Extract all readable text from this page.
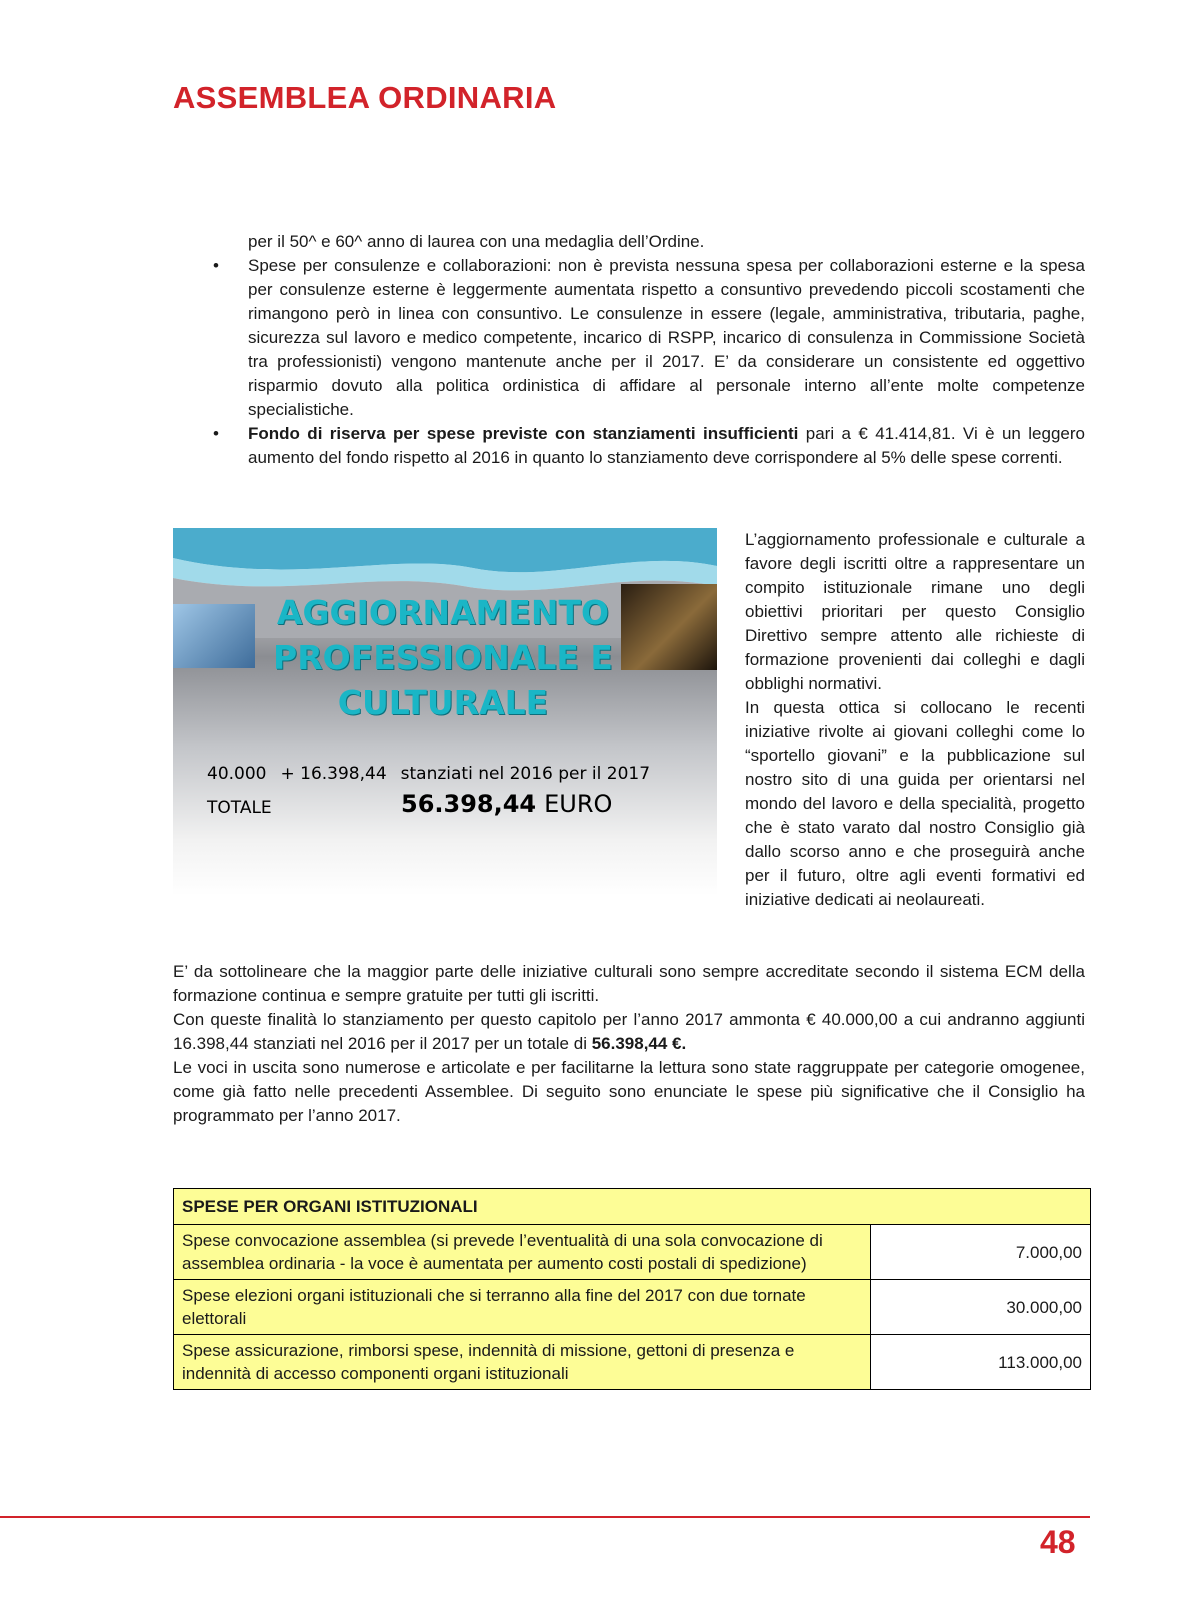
ASSEMBLEA ORDINARIA

per il 50^ e 60^ anno di laurea con una medaglia dell’Ordine.

• Spese per consulenze e collaborazioni: non è prevista nessuna spesa per collaborazioni esterne e la spesa per consulenze esterne è leggermente aumentata rispetto a consuntivo prevedendo piccoli scostamenti che rimangono però in linea con consuntivo. Le consulenze in essere (legale, amministrativa, tributaria, paghe, sicurezza sul lavoro e medico competente, incarico di RSPP, incarico di consulenza in Commissione Società tra professionisti) vengono mantenute anche per il 2017. E’ da considerare un consistente ed oggettivo risparmio dovuto alla politica ordinistica di affidare al personale interno all’ente molte competenze specialistiche.

• Fondo di riserva per spese previste con stanziamenti insufficienti pari a € 41.414,81. Vi è un leggero aumento del fondo rispetto al 2016 in quanto lo stanziamento deve corrispondere al 5% delle spese correnti.

AGGIORNAMENTO
PROFESSIONALE E
CULTURALE
40.000 + 16.398,44 stanziati nel 2016 per il 2017
TOTALE	56.398,44 EURO

L’aggiornamento professionale e culturale a favore degli iscritti oltre a rappresentare un compito istituzionale rimane uno degli obiettivi prioritari per questo Consiglio Direttivo sempre attento alle richieste di formazione provenienti dai colleghi e dagli obblighi normativi.

In questa ottica si collocano le recenti iniziative rivolte ai giovani colleghi come lo “sportello giovani” e la pubblicazione sul nostro sito di una guida per orientarsi nel mondo del lavoro e della specialità, progetto che è stato varato dal nostro Consiglio già dallo scorso anno e che proseguirà anche per il futuro, oltre agli eventi formativi ed iniziative dedicati ai neolaureati.

E’ da sottolineare che la maggior parte delle iniziative culturali sono sempre accreditate secondo il sistema ECM della formazione continua e sempre gratuite per tutti gli iscritti.

Con queste finalità lo stanziamento per questo capitolo per l’anno 2017 ammonta € 40.000,00 a cui andranno aggiunti 16.398,44 stanziati nel 2016 per il 2017 per un totale di 56.398,44 €.

Le voci in uscita sono numerose e articolate e per facilitarne la lettura sono state raggruppate per categorie omogenee, come già fatto nelle precedenti Assemblee. Di seguito sono enunciate le spese più significative che il Consiglio ha programmato per l’anno 2017.

SPESE PER ORGANI ISTITUZIONALI	
Spese convocazione assemblea (si prevede l’eventualità di una sola convocazione di assemblea ordinaria - la voce è aumentata per aumento costi postali di spedizione)	7.000,00
Spese elezioni organi istituzionali che si terranno alla fine del 2017 con due tornate elettorali	30.000,00
Spese assicurazione, rimborsi spese, indennità di missione, gettoni di presenza e indennità di accesso componenti organi istituzionali	113.000,00
48
